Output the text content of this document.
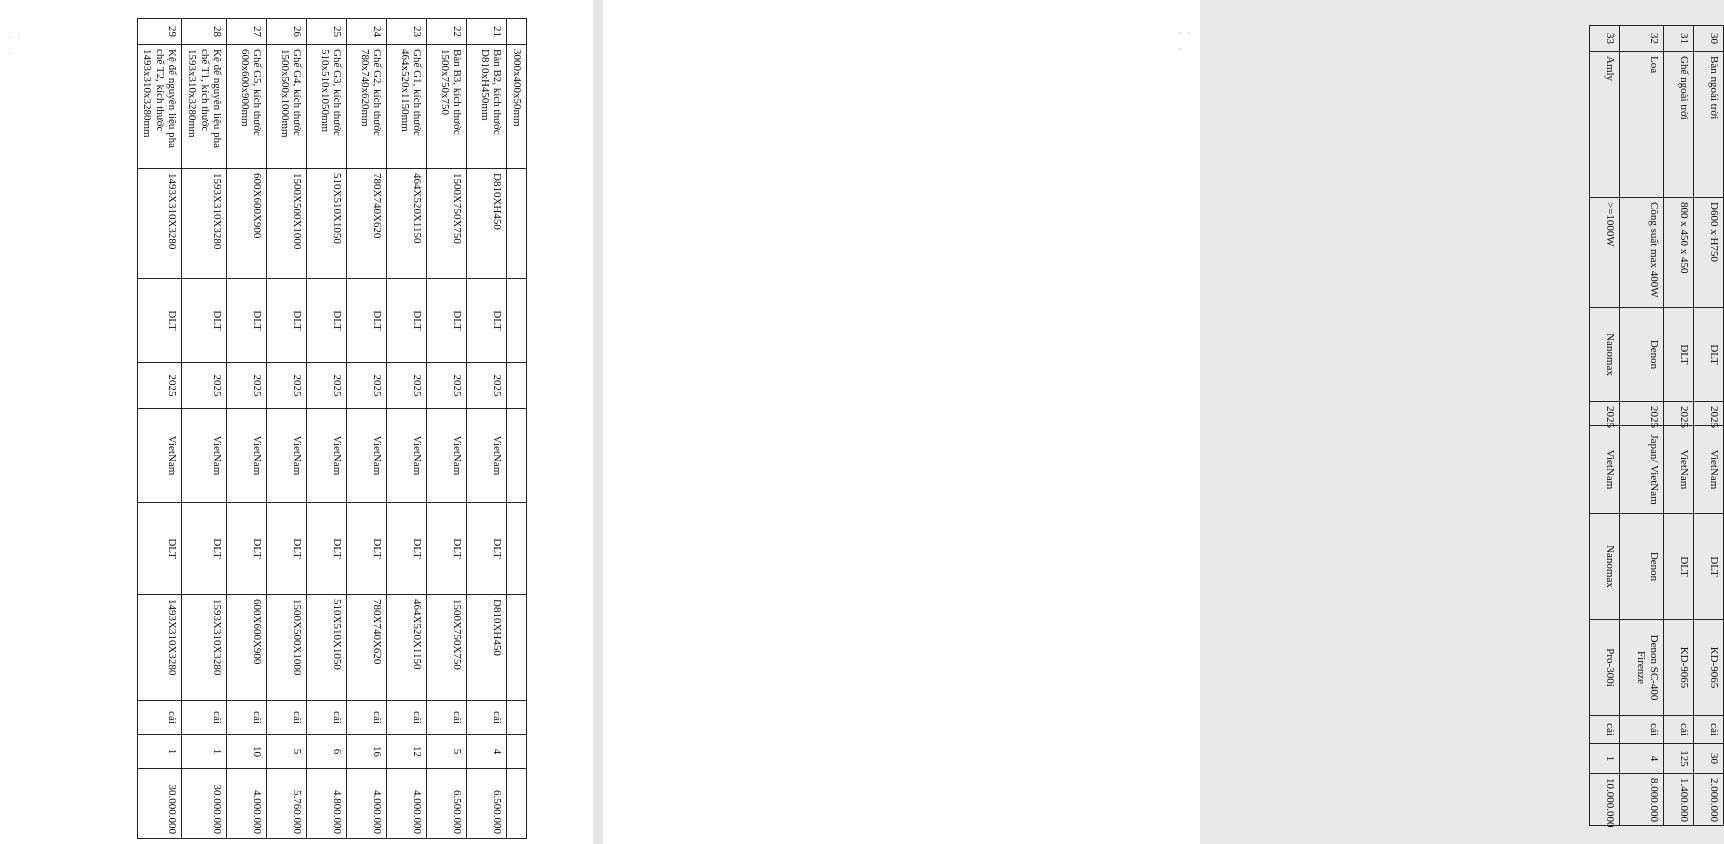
· ·
·
		3000x400x50mm									
21	Bàn B2, kích thước D810xH450mm	D810XH450	DLT	2025	VietNam	DLT	D810XH450	cái	4	6.500.000
22	Bàn B3, kích thước 1500x750x750	1500X750X750	DLT	2025	VietNam	DLT	1500X750X750	cái	5	6.500.000
23	Ghế G1, kích thước 464x520x1150mm	464X520X1150	DLT	2025	VietNam	DLT	464X520X1150	cái	12	4.000.000
24	Ghế G2, kích thước 780x740x620mm	780X740X620	DLT	2025	VietNam	DLT	780X740X620	cái	16	4.000.000
25	Ghế G3, kích thước 510x510x1050mm	510X510X1050	DLT	2025	VietNam	DLT	510X510X1050	cái	6	4.800.000
26	Ghế G4, kích thước 1500x500x1000mm	1500X500X1000	DLT	2025	VietNam	DLT	1500X500X1000	cái	5	5.760.000
27	Ghế G5, kích thước 600x600x900mm	600X600X900	DLT	2025	VietNam	DLT	600X600X900	cái	10	4.000.000
28	Kệ để nguyên liệu pha chế T1, kích thước 1593x310x3280mm	1593X310X3280	DLT	2025	VietNam	DLT	1593X310X3280	cái	1	30.000.000
29	Kệ để nguyên liệu pha chế T2, kích thước 1493x310x3280mm	1493X310X3280	DLT	2025	VietNam	DLT	1493X310X3280	cái	1	30.000.000
· ·
·
30	Bàn ngoài trời	D600 x H750	DLT	2025	VietNam	DLT	KD-9065	cái	30	2.000.000
31	Ghế ngoài trời	800 x 450 x 450	DLT	2025	VietNam	DLT	KD-9065	cái	125	1.400.000
32	Loa	Công suất max 400W	Denon	2025	Japan/ VietNam	Denon	Denon SC-400 Firenze	cái	4	8.000.000
33	Amly	>=1000W	Nanomax	2025	VietNam	Nanomax	Pro-300i	cái	1	10.000.000
